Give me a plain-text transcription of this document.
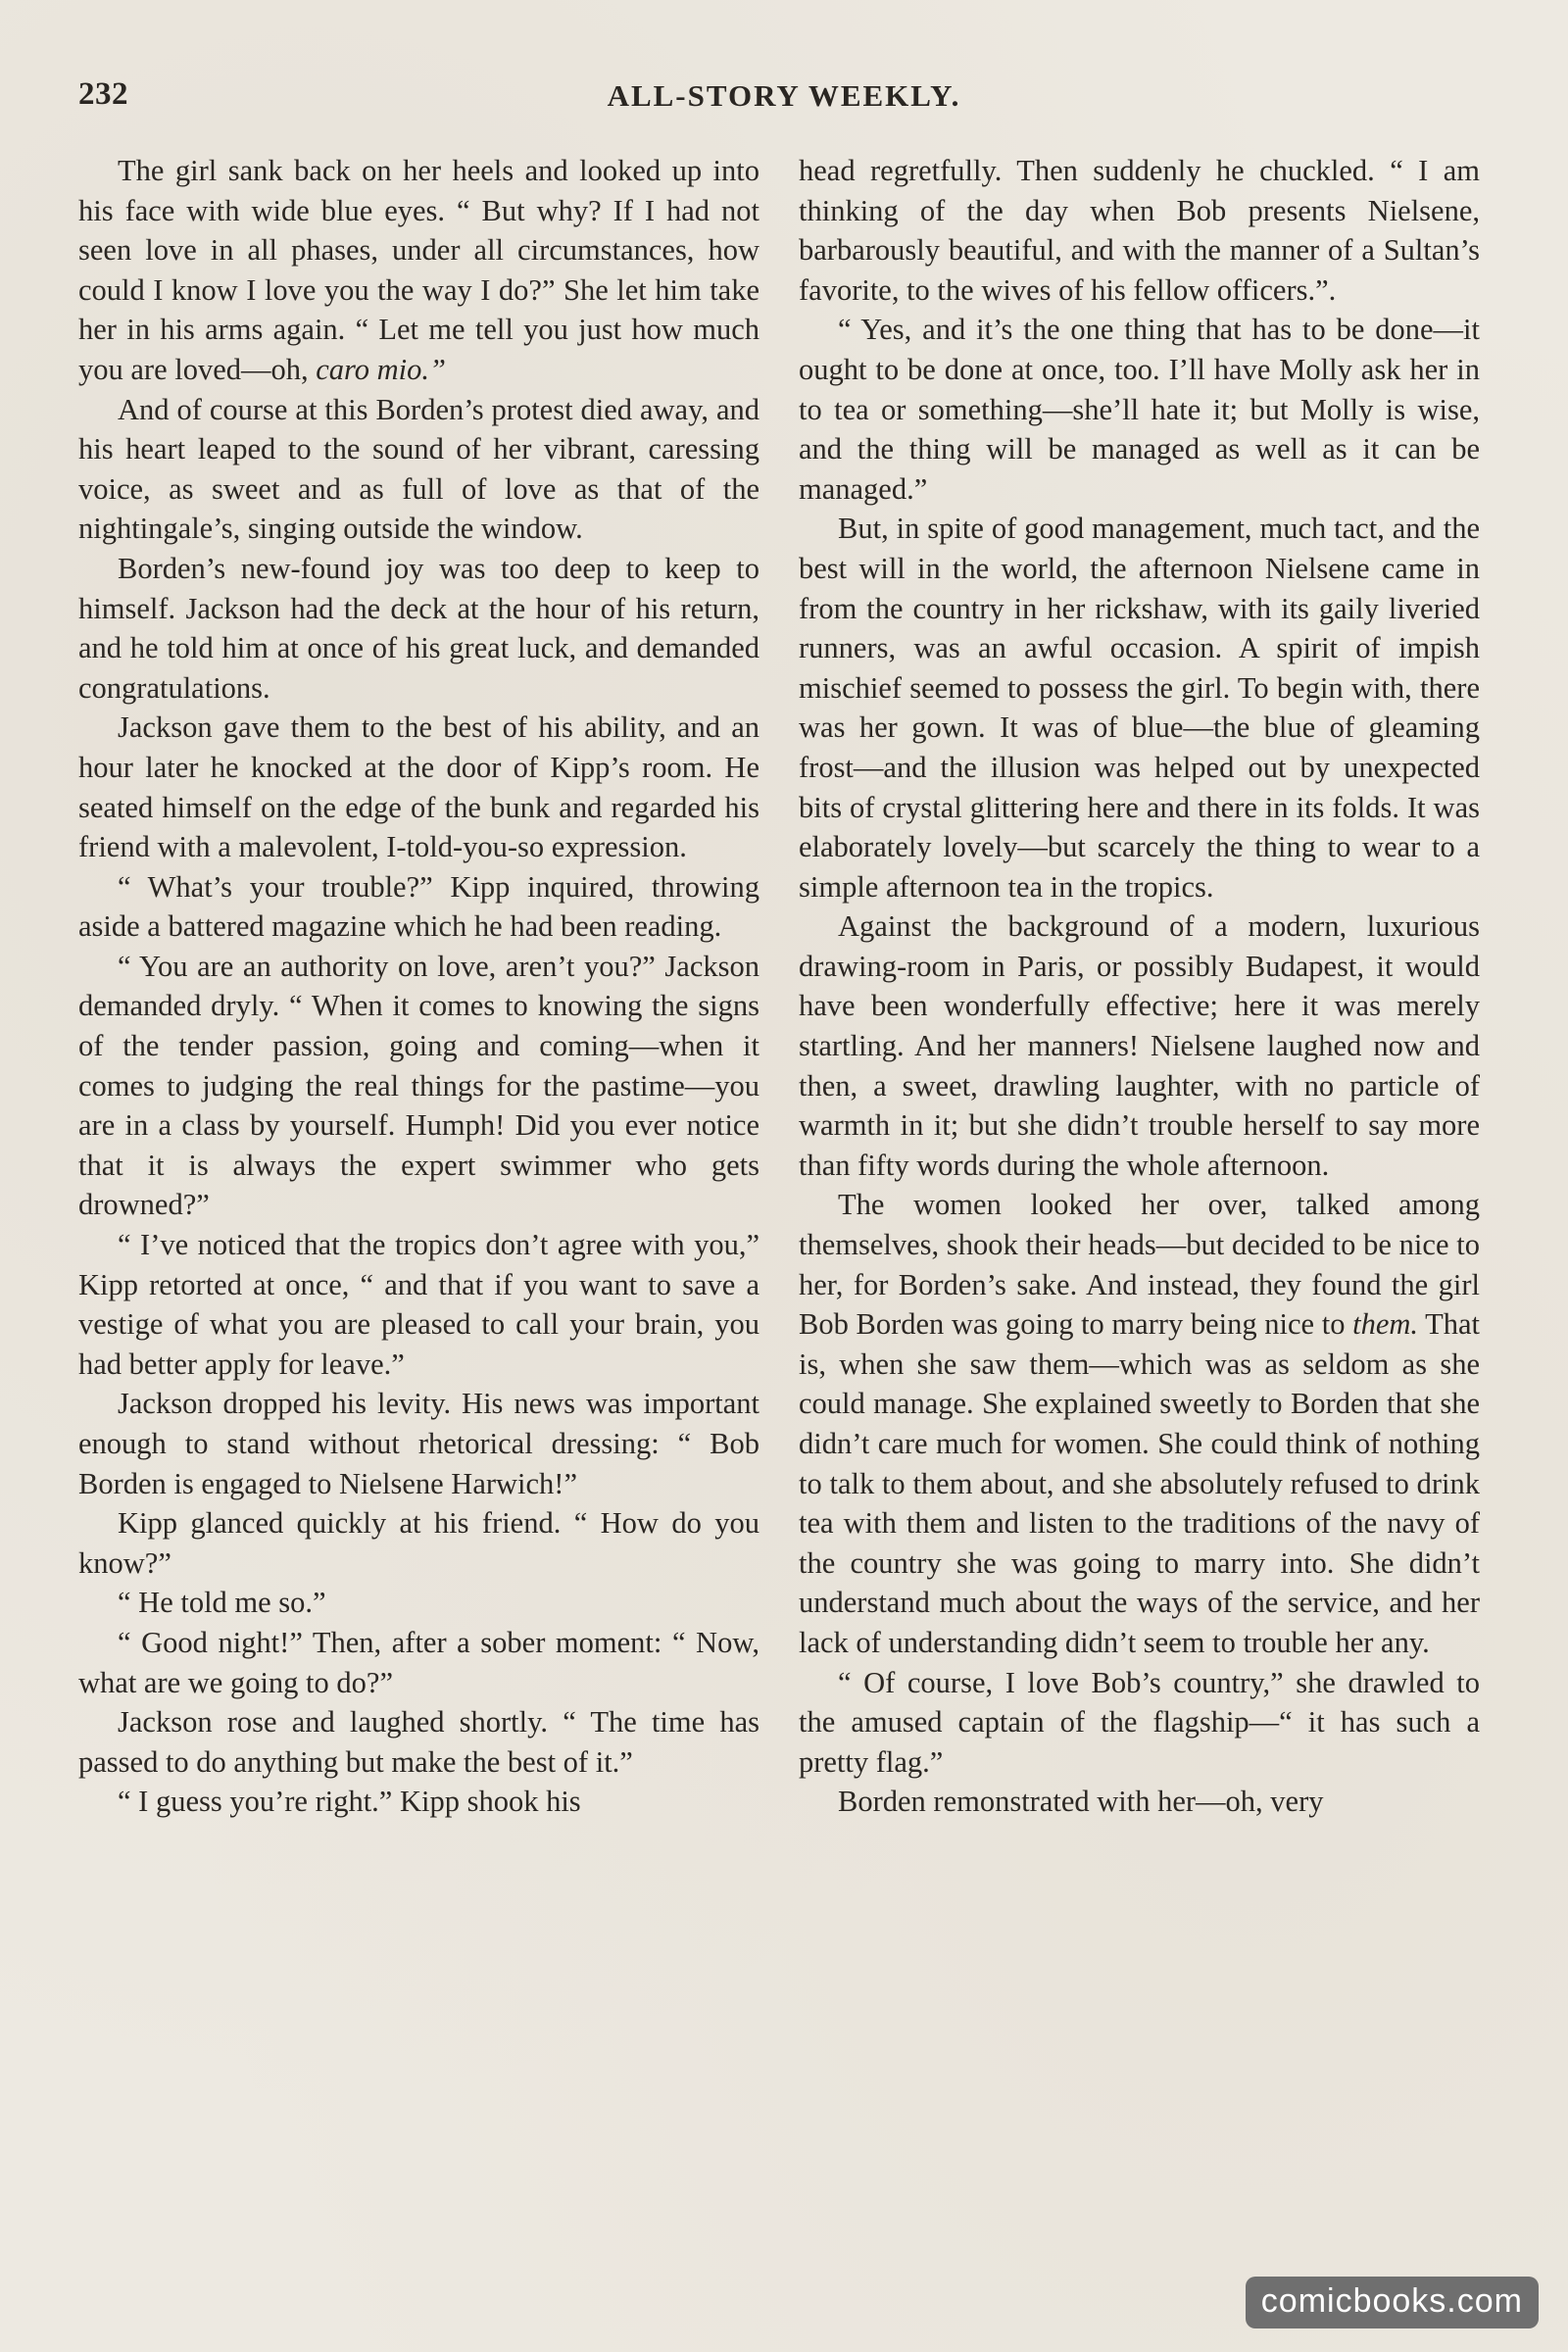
232	ALL-STORY WEEKLY.

The girl sank back on her heels and looked up into his face with wide blue eyes. “ But why? If I had not seen love in all phases, under all circumstances, how could I know I love you the way I do?” She let him take her in his arms again. “ Let me tell you just how much you are loved—oh, caro mio.”

And of course at this Borden’s protest died away, and his heart leaped to the sound of her vibrant, caressing voice, as sweet and as full of love as that of the nightingale’s, singing outside the window.

Borden’s new-found joy was too deep to keep to himself. Jackson had the deck at the hour of his return, and he told him at once of his great luck, and demanded congratulations.

Jackson gave them to the best of his ability, and an hour later he knocked at the door of Kipp’s room. He seated himself on the edge of the bunk and regarded his friend with a malevolent, I-told-you-so expression.

“ What’s your trouble?” Kipp inquired, throwing aside a battered magazine which he had been reading.

“ You are an authority on love, aren’t you?” Jackson demanded dryly. “ When it comes to knowing the signs of the tender passion, going and coming—when it comes to judging the real things for the pastime—you are in a class by yourself. Humph! Did you ever notice that it is always the expert swimmer who gets drowned?”

“ I’ve noticed that the tropics don’t agree with you,” Kipp retorted at once, “ and that if you want to save a vestige of what you are pleased to call your brain, you had better apply for leave.”

Jackson dropped his levity. His news was important enough to stand without rhetorical dressing: “ Bob Borden is engaged to Nielsene Harwich!”

Kipp glanced quickly at his friend. “ How do you know?”

“ He told me so.”

“ Good night!” Then, after a sober moment: “ Now, what are we going to do?”

Jackson rose and laughed shortly. “ The time has passed to do anything but make the best of it.”

“ I guess you’re right.” Kipp shook his

head regretfully. Then suddenly he chuckled. “ I am thinking of the day when Bob presents Nielsene, barbarously beautiful, and with the manner of a Sultan’s favorite, to the wives of his fellow officers.”.

“ Yes, and it’s the one thing that has to be done—it ought to be done at once, too. I’ll have Molly ask her in to tea or something—she’ll hate it; but Molly is wise, and the thing will be managed as well as it can be managed.”

But, in spite of good management, much tact, and the best will in the world, the afternoon Nielsene came in from the country in her rickshaw, with its gaily liveried runners, was an awful occasion. A spirit of impish mischief seemed to possess the girl. To begin with, there was her gown. It was of blue—the blue of gleaming frost—and the illusion was helped out by unexpected bits of crystal glittering here and there in its folds. It was elaborately lovely—but scarcely the thing to wear to a simple afternoon tea in the tropics.

Against the background of a modern, luxurious drawing-room in Paris, or possibly Budapest, it would have been wonderfully effective; here it was merely startling. And her manners! Nielsene laughed now and then, a sweet, drawling laughter, with no particle of warmth in it; but she didn’t trouble herself to say more than fifty words during the whole afternoon.

The women looked her over, talked among themselves, shook their heads—but decided to be nice to her, for Borden’s sake. And instead, they found the girl Bob Borden was going to marry being nice to them. That is, when she saw them—which was as seldom as she could manage. She explained sweetly to Borden that she didn’t care much for women. She could think of nothing to talk to them about, and she absolutely refused to drink tea with them and listen to the traditions of the navy of the country she was going to marry into. She didn’t understand much about the ways of the service, and her lack of understanding didn’t seem to trouble her any.

“ Of course, I love Bob’s country,” she drawled to the amused captain of the flagship—“ it has such a pretty flag.”

Borden remonstrated with her—oh, very

comicbooks.com
